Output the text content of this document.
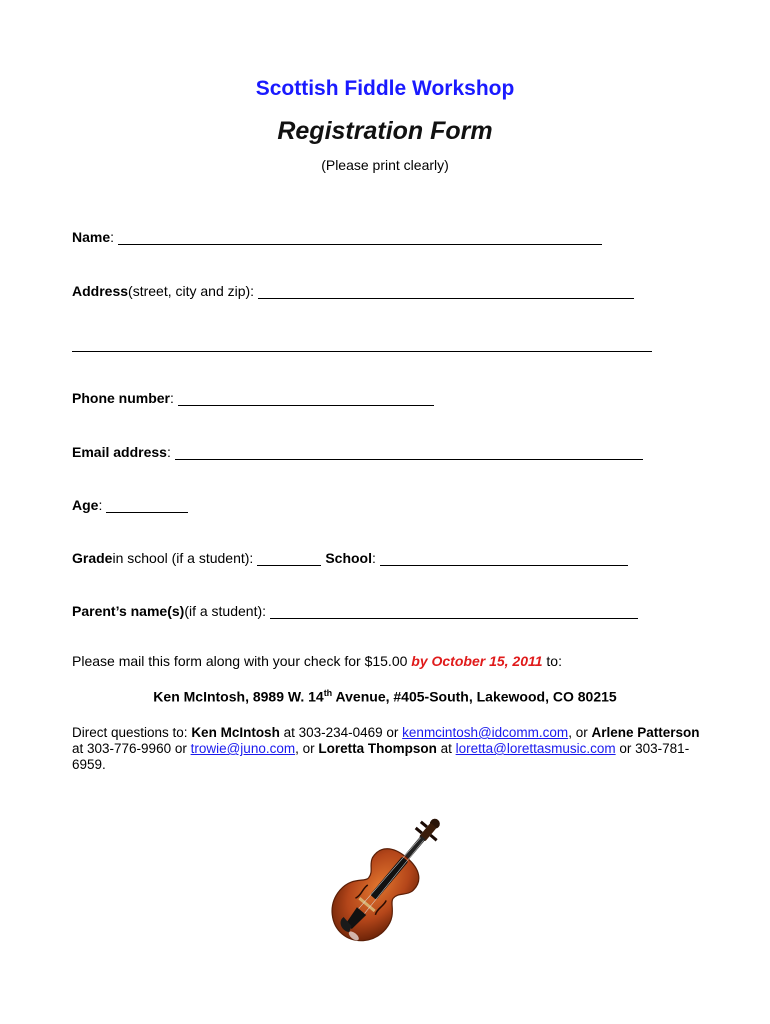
Scottish Fiddle Workshop
Registration Form
(Please print clearly)
Name :
Address (street, city and zip):
Phone number :
Email address :
Age :
Grade in school (if a student):	School :
Parent’s name(s) (if a student):
Please mail this form along with your check for $15.00 by October 15, 2011 to:
Ken McIntosh, 8989 W. 14th Avenue, #405-South, Lakewood, CO 80215
Direct questions to: Ken McIntosh at 303-234-0469 or kenmcintosh@idcomm.com, or Arlene Patterson at 303-776-9960 or trowie@juno.com, or Loretta Thompson at loretta@lorettasmusic.com or 303-781-6959.
